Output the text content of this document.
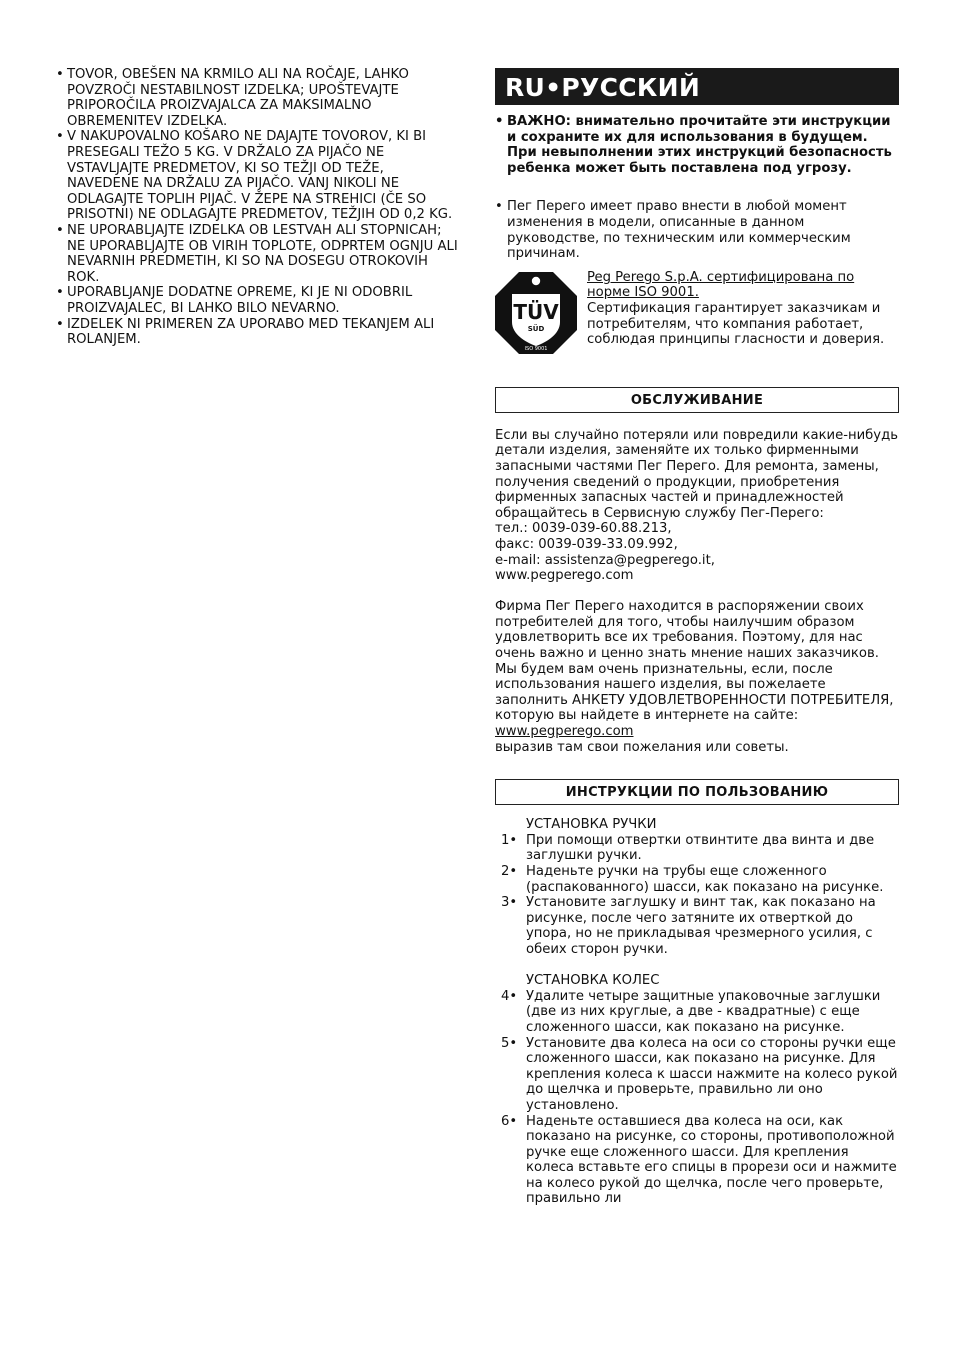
• TOVOR, OBEŠEN NA KRMILO ALI NA ROČAJE, LAHKO POVZROČI NESTABILNOST IZDELKA; UPOŠTEVAJTE PRIPOROČILA PROIZVAJALCA ZA MAKSIMALNO OBREMENITEV IZDELKA.

• V NAKUPOVALNO KOŠARO NE DAJAJTE TOVOROV, KI BI PRESEGALI TEŽO 5 KG. V DRŽALO ZA PIJAČO NE VSTAVLJAJTE PREDMETOV, KI SO TEŽJI OD TEŽE, NAVEDENE NA DRŽALU ZA PIJAČO. VANJ NIKOLI NE ODLAGAJTE TOPLIH PIJAČ. V ŽEPE NA STREHICI (ČE SO PRISOTNI) NE ODLAGAJTE PREDMETOV, TEŽJIH OD 0,2 KG.

• NE UPORABLJAJTE IZDELKA OB LESTVAH ALI STOPNICAH; NE UPORABLJAJTE OB VIRIH TOPLOTE, ODPRTEM OGNJU ALI NEVARNIH PREDMETIH, KI SO NA DOSEGU OTROKOVIH ROK.

• UPORABLJANJE DODATNE OPREME, KI JE NI ODOBRIL PROIZVAJALEC, BI LAHKO BILO NEVARNO.

• IZDELEK NI PRIMEREN ZA UPORABO MED TEKANJEM ALI ROLANJEM.

RU•РУССКИЙ
• ВАЖНО: внимательно прочитайте эти инструкции и сохраните их для использования в будущем.
При невыполнении этих инструкций безопасность ребенка может быть поставлена под угрозу.
• Пег Перего имеет право внести в любой момент изменения в модели, описанные в данном руководстве, по техническим или коммерческим причинам.
TÜV
SÜD
ISO 9001
Peg Perego S.p.A. сертифицирована по норме ISO 9001.
Сертификация гарантирует заказчикам и потребителям, что компания работает, соблюдая принципы гласности и доверия.
ОБСЛУЖИВАНИЕ

Если вы случайно потеряли или повредили какие-нибудь детали изделия, заменяйте их только фирменными запасными частями Пег Перего. Для ремонта, замены, получения сведений о продукции, приобретения фирменных запасных частей и принадлежностей обращайтесь в Сервисную службу Пег-Перего:

тел.: 0039-039-60.88.213,
факс: 0039-039-33.09.992,
e-mail: assistenza@pegperego.it,
www.pegperego.com

Фирма Пег Перего находится в распоряжении своих потребителей для того, чтобы наилучшим образом удовлетворить все их требования. Поэтому, для нас очень важно и ценно знать мнение наших заказчиков. Мы будем вам очень признательны, если, после использования нашего изделия, вы пожелаете заполнить АНКЕТУ УДОВЛЕТВОРЕННОСТИ ПОТРЕБИТЕЛЯ, которую вы найдете в интернете на сайте: www.pegperego.com
выразив там свои пожелания или советы.

ИНСТРУКЦИИ ПО ПОЛЬЗОВАНИЮ
УСТАНОВКА РУЧКИ
1• При помощи отвертки отвинтите два винта и две заглушки ручки.
2• Наденьте ручки на трубы еще сложенного (распакованного) шасси, как показано на рисунке.
3• Установите заглушку и винт так, как показано на рисунке, после чего затяните их отверткой до упора, но не прикладывая чрезмерного усилия, с обеих сторон ручки.
УСТАНОВКА КОЛЕС
4• Удалите четыре защитные упаковочные заглушки (две из них круглые, а две - квадратные) с еще сложенного шасси, как показано на рисунке.
5• Установите два колеса на оси со стороны ручки еще сложенного шасси, как показано на рисунке. Для крепления колеса к шасси нажмите на колесо рукой до щелчка и проверьте, правильно ли оно установлено.
6• Наденьте оставшиеся два колеса на оси, как показано на рисунке, со стороны, противоположной ручке еще сложенного шасси. Для крепления колеса вставьте его спицы в прорези оси и нажмите на колесо рукой до щелчка, после чего проверьте, правильно ли
